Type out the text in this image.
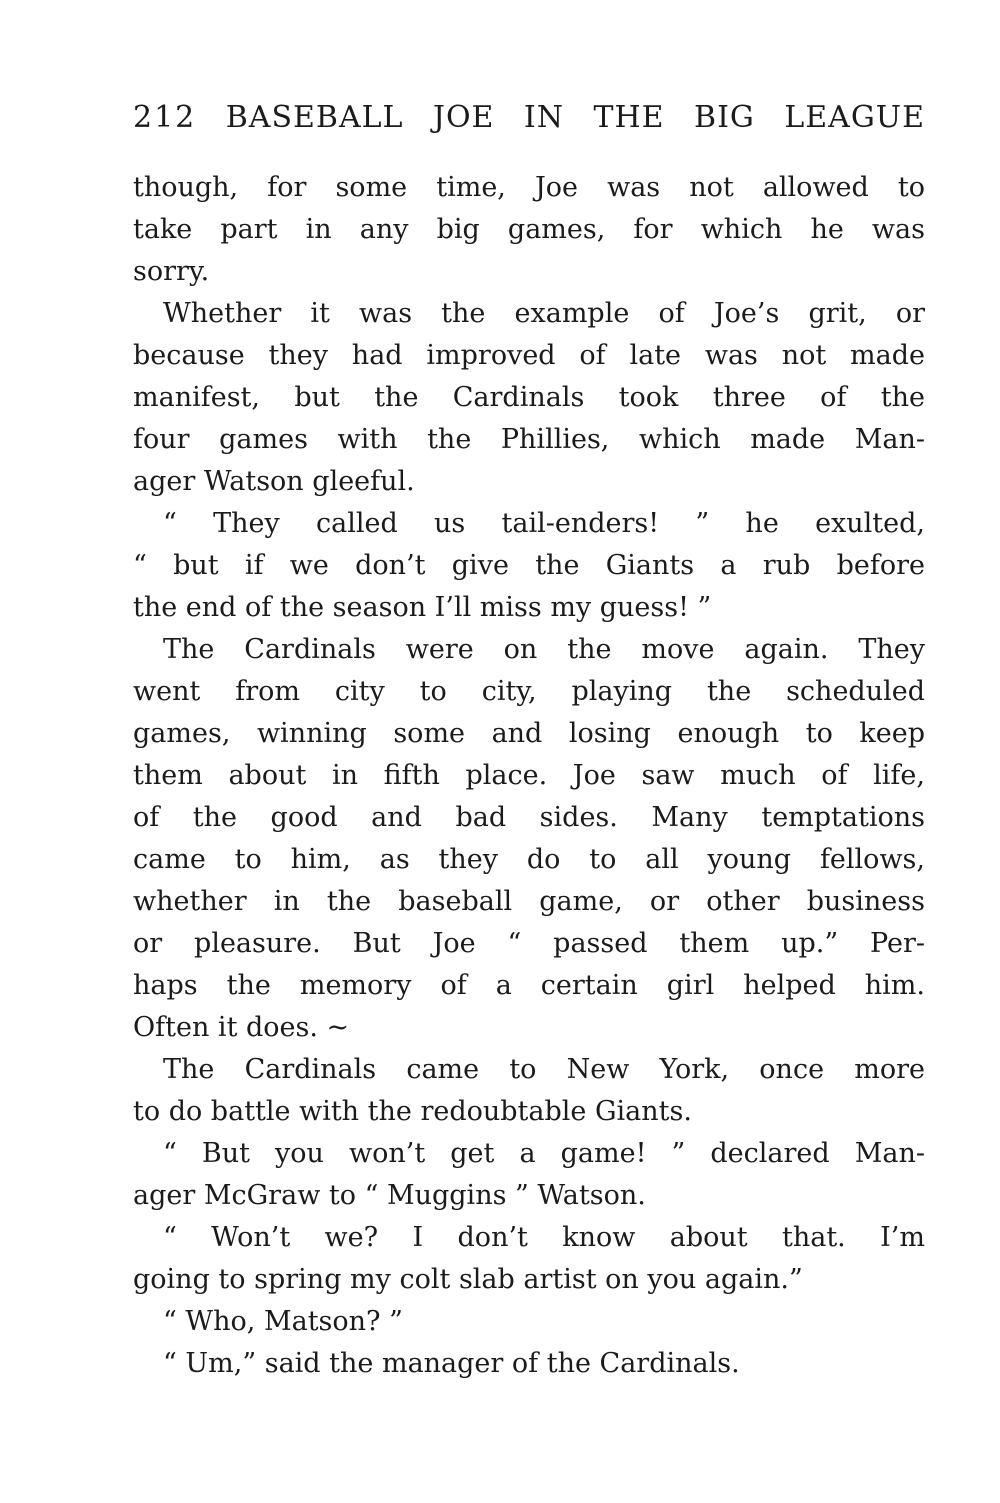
212 BASEBALL JOE IN THE BIG LEAGUE
though, for some time, Joe was not allowed to
take part in any big games, for which he was
sorry.
Whether it was the example of Joe’s grit, or
because they had improved of late was not made
manifest, but the Cardinals took three of the
four games with the Phillies, which made Man-
ager Watson gleeful.
“ They called us tail-enders! ” he exulted,
“ but if we don’t give the Giants a rub before
the end of the season I’ll miss my guess! ”
The Cardinals were on the move again. They
went from city to city, playing the scheduled
games, winning some and losing enough to keep
them about in fifth place. Joe saw much of life,
of the good and bad sides. Many temptations
came to him, as they do to all young fellows,
whether in the baseball game, or other business
or pleasure. But Joe “ passed them up.” Per-
haps the memory of a certain girl helped him.
Often it does. ~
The Cardinals came to New York, once more
to do battle with the redoubtable Giants.
“ But you won’t get a game! ” declared Man-
ager McGraw to “ Muggins ” Watson.
“ Won’t we? I don’t know about that. I’m
going to spring my colt slab artist on you again.”
“ Who, Matson? ”
“ Um,” said the manager of the Cardinals.
